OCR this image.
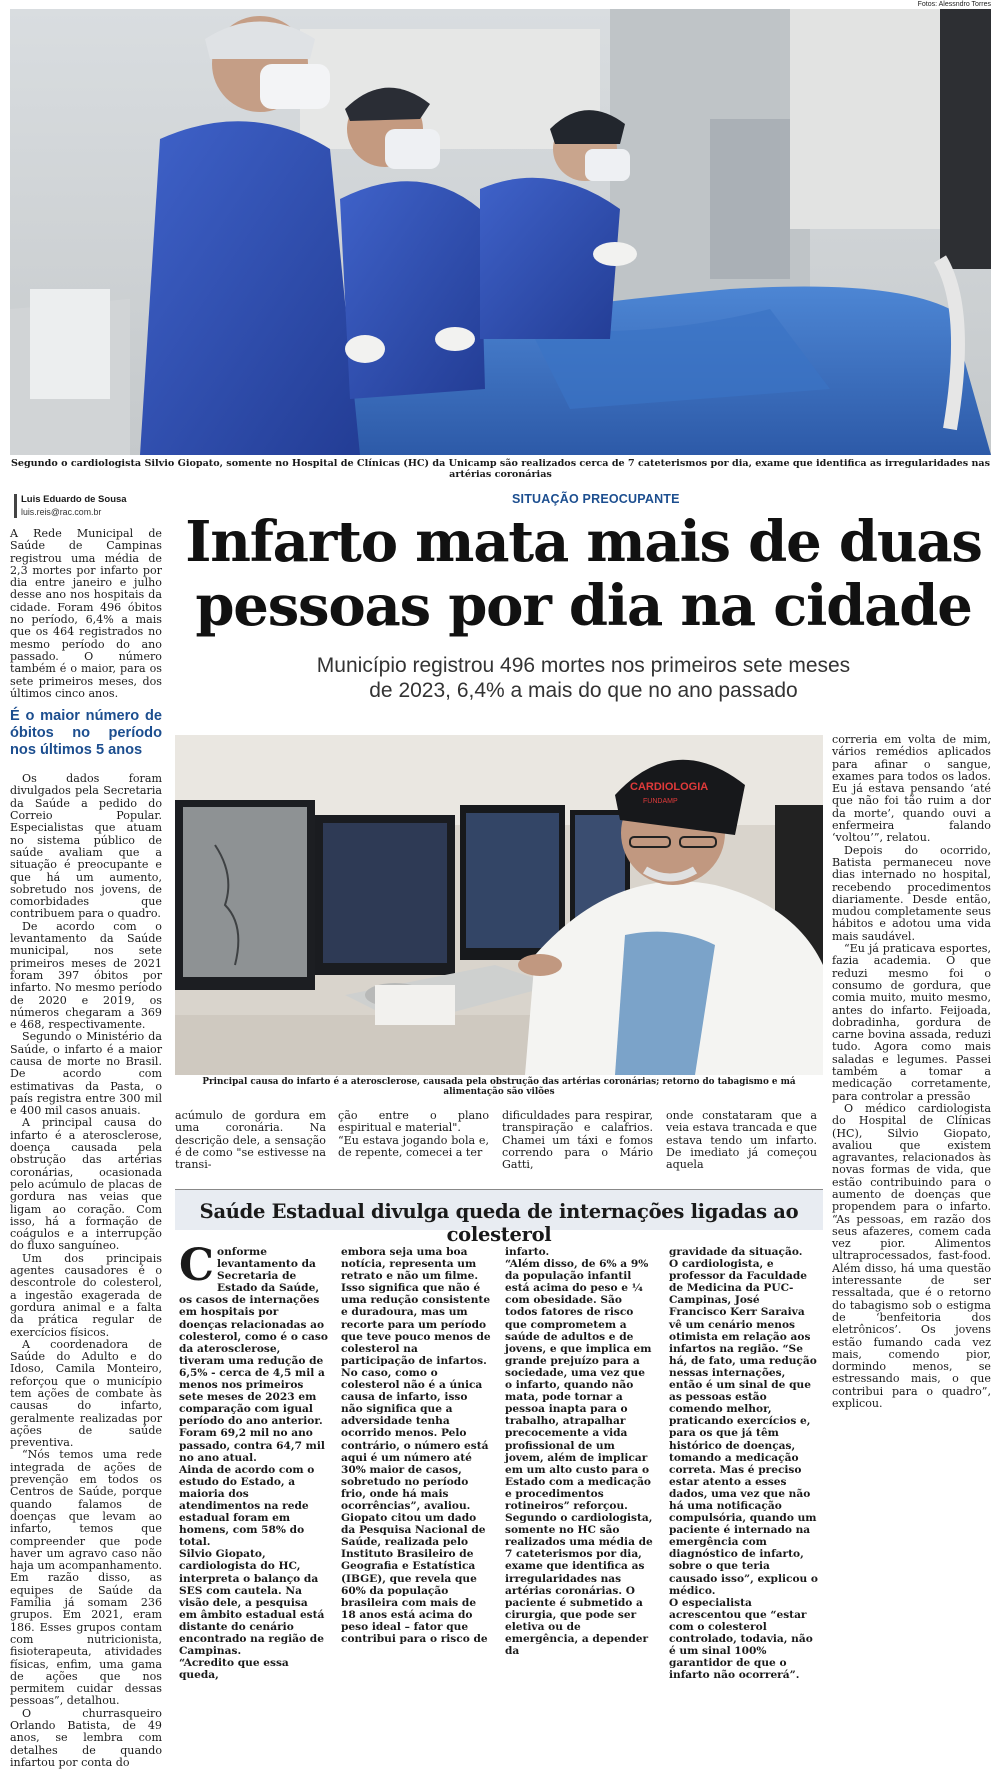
Fotos: Alessndro Torres
Segundo o cardiologista Silvio Giopato, somente no Hospital de Clínicas (HC) da Unicamp são realizados cerca de 7 cateterismos por dia, exame que identifica as irregularidades nas artérias coronárias
Luis Eduardo de Sousa
luis.reis@rac.com.br
SITUAÇÃO PREOCUPANTE
Infarto mata mais de duas
pessoas por dia na cidade
Município registrou 496 mortes nos primeiros sete meses
de 2023, 6,4% a mais do que no ano passado

A Rede Municipal de Saúde de Campinas registrou uma média de 2,3 mortes por infarto por dia entre janeiro e julho desse ano nos hospitais da cidade. Foram 496 óbitos no período, 6,4% a mais que os 464 registrados no mesmo período do ano passado. O número também é o maior, para os sete primeiros meses, dos últimos cinco anos.

É o maior número de óbitos no período nos últimos 5 anos

Os dados foram divulgados pela Secretaria da Saúde a pedido do Correio Popular. Especialistas que atuam no sistema público de saúde avaliam que a situação é preocupante e que há um aumento, sobretudo nos jovens, de comorbidades que contribuem para o quadro.

De acordo com o levantamento da Saúde municipal, nos sete primeiros meses de 2021 foram 397 óbitos por infarto. No mesmo período de 2020 e 2019, os números chegaram a 369 e 468, respectivamente.

Segundo o Ministério da Saúde, o infarto é a maior causa de morte no Brasil. De acordo com estimativas da Pasta, o país registra entre 300 mil e 400 mil casos anuais.

A principal causa do infarto é a aterosclerose, doença causada pela obstrução das artérias coronárias, ocasionada pelo acúmulo de placas de gordura nas veias que ligam ao coração. Com isso, há a formação de coágulos e a interrupção do fluxo sanguíneo.

Um dos principais agentes causadores é o descontrole do colesterol, a ingestão exagerada de gordura animal e a falta da prática regular de exercícios físicos.

A coordenadora de Saúde do Adulto e do Idoso, Camila Monteiro, reforçou que o município tem ações de combate às causas do infarto, geralmente realizadas por ações de saúde preventiva.

“Nós temos uma rede integrada de ações de prevenção em todos os Centros de Saúde, porque quando falamos de doenças que levam ao infarto, temos que compreender que pode haver um agravo caso não haja um acompanhamento. Em razão disso, as equipes de Saúde da Família já somam 236 grupos. Em 2021, eram 186. Esses grupos contam com nutricionista, fisioterapeuta, atividades físicas, enfim, uma gama de ações que nos permitem cuidar dessas pessoas”, detalhou.

O churrasqueiro Orlando Batista, de 49 anos, se lembra com detalhes de quando infartou por conta do

CARDIOLOGIA
FUNDAMP
Principal causa do infarto é a aterosclerose, causada pela obstrução das artérias coronárias; retorno do tabagismo e má alimentação são vilões
acúmulo de gordura em uma coronária. Na descrição dele, a sensação é de como "se estivesse na transi-
ção entre o plano espiritual e material".
“Eu estava jogando bola e, de repente, comecei a ter
dificuldades para respirar, transpiração e calafrios. Chamei um táxi e fomos correndo para o Mário Gatti,
onde constataram que a veia estava trancada e que estava tendo um infarto. De imediato já começou aquela

correria em volta de mim, vários remédios aplicados para afinar o sangue, exames para todos os lados. Eu já estava pensando ‘até que não foi tão ruim a dor da morte’, quando ouvi a enfermeira falando ‘voltou’”, relatou.

Depois do ocorrido, Batista permaneceu nove dias internado no hospital, recebendo procedimentos diariamente. Desde então, mudou completamente seus hábitos e adotou uma vida mais saudável.

“Eu já praticava esportes, fazia academia. O que reduzi mesmo foi o consumo de gordura, que comia muito, muito mesmo, antes do infarto. Feijoada, dobradinha, gordura de carne bovina assada, reduzi tudo. Agora como mais saladas e legumes. Passei também a tomar a medicação corretamente, para controlar a pressão

O médico cardiologista do Hospital de Clínicas (HC), Silvio Giopato, avaliou que existem agravantes, relacionados às novas formas de vida, que estão contribuindo para o aumento de doenças que propendem para o infarto. “As pessoas, em razão dos seus afazeres, comem cada vez pior. Alimentos ultraprocessados, fast-food. Além disso, há uma questão interessante de ser ressaltada, que é o retorno do tabagismo sob o estigma de ‘benfeitoria dos eletrônicos’. Os jovens estão fumando cada vez mais, comendo pior, dormindo menos, se estressando mais, o que contribui para o quadro”, explicou.

Saúde Estadual divulga queda de internações ligadas ao colesterol
C onforme levantamento da Secretaria de Estado da Saúde, os casos de internações em hospitais por doenças relacionadas ao colesterol, como é o caso da aterosclerose, tiveram uma redução de 6,5% - cerca de 4,5 mil a menos nos primeiros sete meses de 2023 em comparação com igual período do ano anterior. Foram 69,2 mil no ano passado, contra 64,7 mil no ano atual.
Ainda de acordo com o estudo do Estado, a maioria dos atendimentos na rede estadual foram em homens, com 58% do total.
Silvio Giopato, cardiologista do HC, interpreta o balanço da SES com cautela. Na visão dele, a pesquisa em âmbito estadual está distante do cenário encontrado na região de Campinas.
“Acredito que essa queda,
embora seja uma boa notícia, representa um retrato e não um filme. Isso significa que não é uma redução consistente e duradoura, mas um recorte para um período que teve pouco menos de colesterol na participação de infartos. No caso, como o colesterol não é a única causa de infarto, isso não significa que a adversidade tenha ocorrido menos. Pelo contrário, o número está aqui é um número até 30% maior de casos, sobretudo no período frio, onde há mais ocorrências”, avaliou.
Giopato citou um dado da Pesquisa Nacional de Saúde, realizada pelo Instituto Brasileiro de Geografia e Estatística (IBGE), que revela que 60% da população brasileira com mais de 18 anos está acima do peso ideal – fator que contribui para o risco de
infarto.
“Além disso, de 6% a 9% da população infantil está acima do peso e ¼ com obesidade. São todos fatores de risco que comprometem a saúde de adultos e de jovens, e que implica em grande prejuízo para a sociedade, uma vez que o infarto, quando não mata, pode tornar a pessoa inapta para o trabalho, atrapalhar precocemente a vida profissional de um jovem, além de implicar em um alto custo para o Estado com a medicação e procedimentos rotineiros” reforçou.
Segundo o cardiologista, somente no HC são realizados uma média de 7 cateterismos por dia, exame que identifica as irregularidades nas artérias coronárias. O paciente é submetido a cirurgia, que pode ser eletiva ou de emergência, a depender da
gravidade da situação.
O cardiologista, e professor da Faculdade de Medicina da PUC-Campinas, José Francisco Kerr Saraiva vê um cenário menos otimista em relação aos infartos na região. “Se há, de fato, uma redução nessas internações, então é um sinal de que as pessoas estão comendo melhor, praticando exercícios e, para os que já têm histórico de doenças, tomando a medicação correta. Mas é preciso estar atento a esses dados, uma vez que não há uma notificação compulsória, quando um paciente é internado na emergência com diagnóstico de infarto, sobre o que teria causado isso”, explicou o médico.
O especialista acrescentou que “estar com o colesterol controlado, todavia, não é um sinal 100% garantidor de que o infarto não ocorrerá”.
